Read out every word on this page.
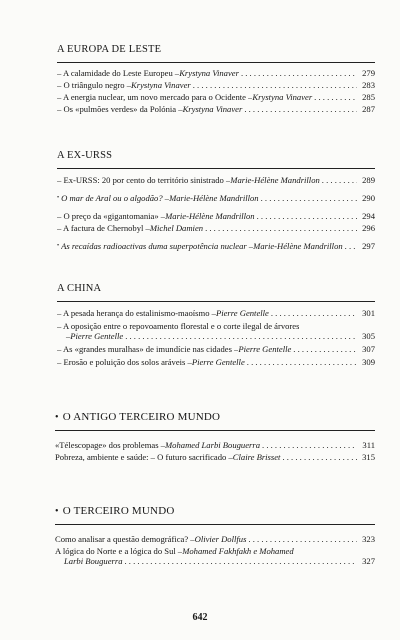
A EUROPA DE LESTE
– A calamidade do Leste Europeu – Krystyna Vinaver . . .	279
– O triângulo negro – Krystyna Vinaver . . .	283
– A energia nuclear, um novo mercado para o Ocidente – Krystyna Vinaver . . .	285
– Os «pulmões verdes» da Polónia – Krystyna Vinaver . . .	287
A EX-URSS
– Ex-URSS: 20 por cento do território sinistrado – Marie-Hélène Mandrillon . . .	289
• O mar de Aral ou o algodão? – Marie-Hélène Mandrillon . . .	290
– O preço da «gigantomania» – Marie-Hélène Mandrillon . . .	294
– A factura de Chernobyl – Michel Damien . . .	296
• As recaídas radioactivas duma superpotência nuclear – Marie-Hélène Mandrillon . . .	297
A CHINA
– A pesada herança do estalinismo-maoísmo – Pierre Gentelle . . .	301
– A oposição entre o repovoamento florestal e o corte ilegal de árvores
– Pierre Gentelle . . .	305
– As «grandes muralhas» de imundície nas cidades – Pierre Gentelle . . .	307
– Erosão e poluição dos solos aráveis – Pierre Gentelle . . .	309
• O ANTIGO TERCEIRO MUNDO
«Télescopage» dos problemas – Mohamed Larbi Bouguerra . . .	311
Pobreza, ambiente e saúde: – O futuro sacrificado – Claire Brisset . . .	315
• O TERCEIRO MUNDO
Como analisar a questão demográfica? – Olivier Dollfus . . .	323
A lógica do Norte e a lógica do Sul – Mohamed Fakhfakh e Mohamed
Larbi Bouguerra . . .	327
642
